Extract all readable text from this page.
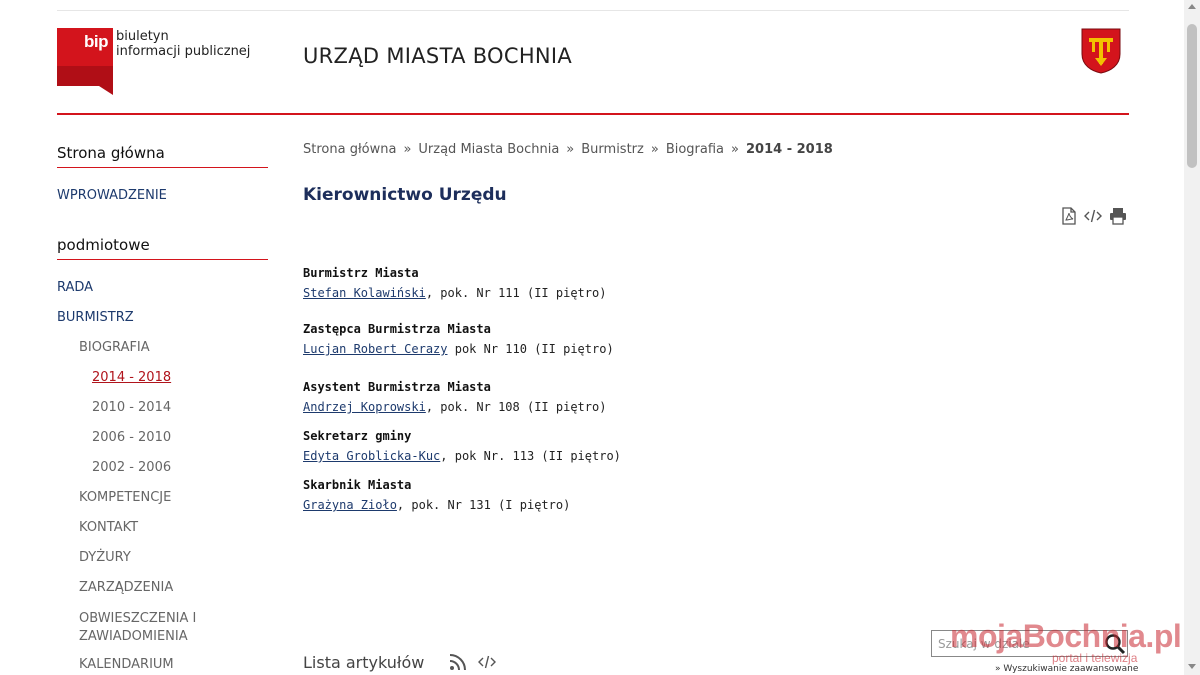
bip biuletyn
informacji publicznej	URZĄD MIASTA BOCHNIA
Strona główna
WPROWADZENIE
podmiotowe
RADA
BURMISTRZ
BIOGRAFIA
2014 - 2018
2010 - 2014
2006 - 2010
2002 - 2006
KOMPETENCJE
KONTAKT
DYŻURY
ZARZĄDZENIA
OBWIESZCZENIA I
ZAWIADOMIENIA
KALENDARIUM
Strona główna » Urząd Miasta Bochnia » Burmistrz » Biografia » 2014 - 2018
Kierownictwo Urzędu
Burmistrz Miasta
Stefan Kolawiński, pok. Nr 111 (II piętro)
Zastępca Burmistrza Miasta
Lucjan Robert Cerazy pok Nr 110 (II piętro)
Asystent Burmistrza Miasta
Andrzej Koprowski, pok. Nr 108 (II piętro)
Sekretarz gminy
Edyta Groblicka-Kuc, pok Nr. 113 (II piętro)
Skarbnik Miasta
Grażyna Zioło, pok. Nr 131 (I piętro)
Lista artykułów
Szukaj w dziale	» Wyszukiwanie zaawansowane
mojaBochnia.pl
portal i telewizja
